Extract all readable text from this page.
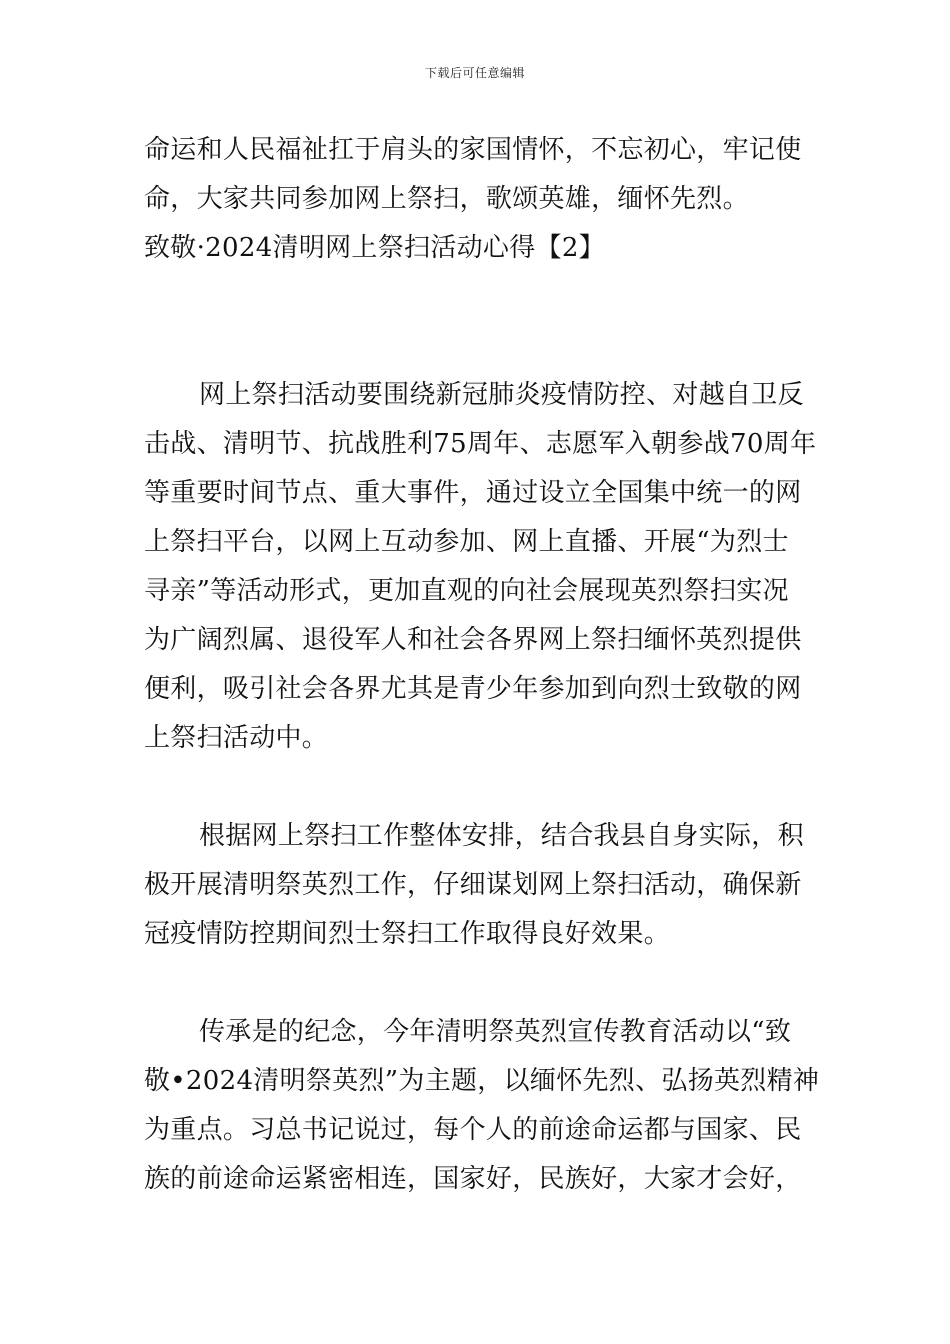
下载后可任意编辑
命运和人民福祉扛于肩头的家国情怀，不忘初心，牢记使
命，大家共同参加网上祭扫，歌颂英雄，缅怀先烈。
致敬·2024清明网上祭扫活动心得【2】
网上祭扫活动要围绕新冠肺炎疫情防控、对越自卫反
击战、清明节、抗战胜利75周年、志愿军入朝参战70周年
等重要时间节点、重大事件，通过设立全国集中统一的网
上祭扫平台，以网上互动参加、网上直播、开展“为烈士
寻亲”等活动形式，更加直观的向社会展现英烈祭扫实况
为广阔烈属、退役军人和社会各界网上祭扫缅怀英烈提供
便利，吸引社会各界尤其是青少年参加到向烈士致敬的网
上祭扫活动中。
根据网上祭扫工作整体安排，结合我县自身实际，积
极开展清明祭英烈工作，仔细谋划网上祭扫活动，确保新
冠疫情防控期间烈士祭扫工作取得良好效果。
传承是的纪念，今年清明祭英烈宣传教育活动以“致
敬•2024清明祭英烈”为主题，以缅怀先烈、弘扬英烈精神
为重点。习总书记说过，每个人的前途命运都与国家、民
族的前途命运紧密相连，国家好，民族好，大家才会好，
